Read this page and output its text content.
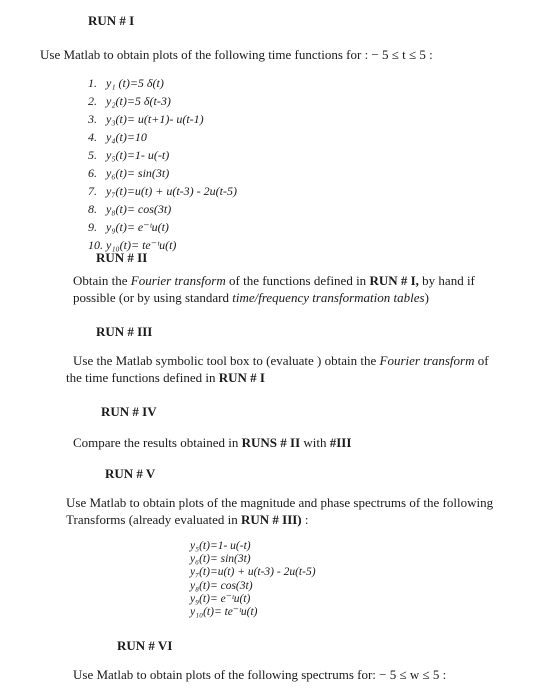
RUN # I
Use Matlab to obtain plots of the following time functions for : − 5 ≤ t ≤ 5 :
1. y₁ (t)=5 δ(t)
2. y₂(t)=5 δ(t-3)
3. y₃(t)= u(t+1)- u(t-1)
4. y₄(t)=10
5. y₅(t)=1- u(-t)
6. y₆(t)= sin(3t)
7. y₇(t)=u(t) + u(t-3) - 2u(t-5)
8. y₈(t)= cos(3t)
9. y₉(t)= e⁻ᵗu(t)
10. y₁₀(t)= te⁻ᵗu(t)
RUN # II
Obtain the Fourier transform of the functions defined in RUN # I, by hand if
possible (or by using standard time/frequency transformation tables)
RUN # III
Use the Matlab symbolic tool box to (evaluate ) obtain the Fourier transform of
the time functions defined in RUN # I
RUN # IV
Compare the results obtained in RUNS # II with #III
RUN # V
Use Matlab to obtain plots of the magnitude and phase spectrums of the following
Transforms (already evaluated in RUN # III) :
y₅(t)=1- u(-t)
y₆(t)= sin(3t)
y₇(t)=u(t) + u(t-3) - 2u(t-5)
y₈(t)= cos(3t)
y₉(t)= e⁻ᵗu(t)
y₁₀(t)= te⁻ᵗu(t)
RUN # VI
Use Matlab to obtain plots of the following spectrums for: − 5 ≤ w ≤ 5 :
